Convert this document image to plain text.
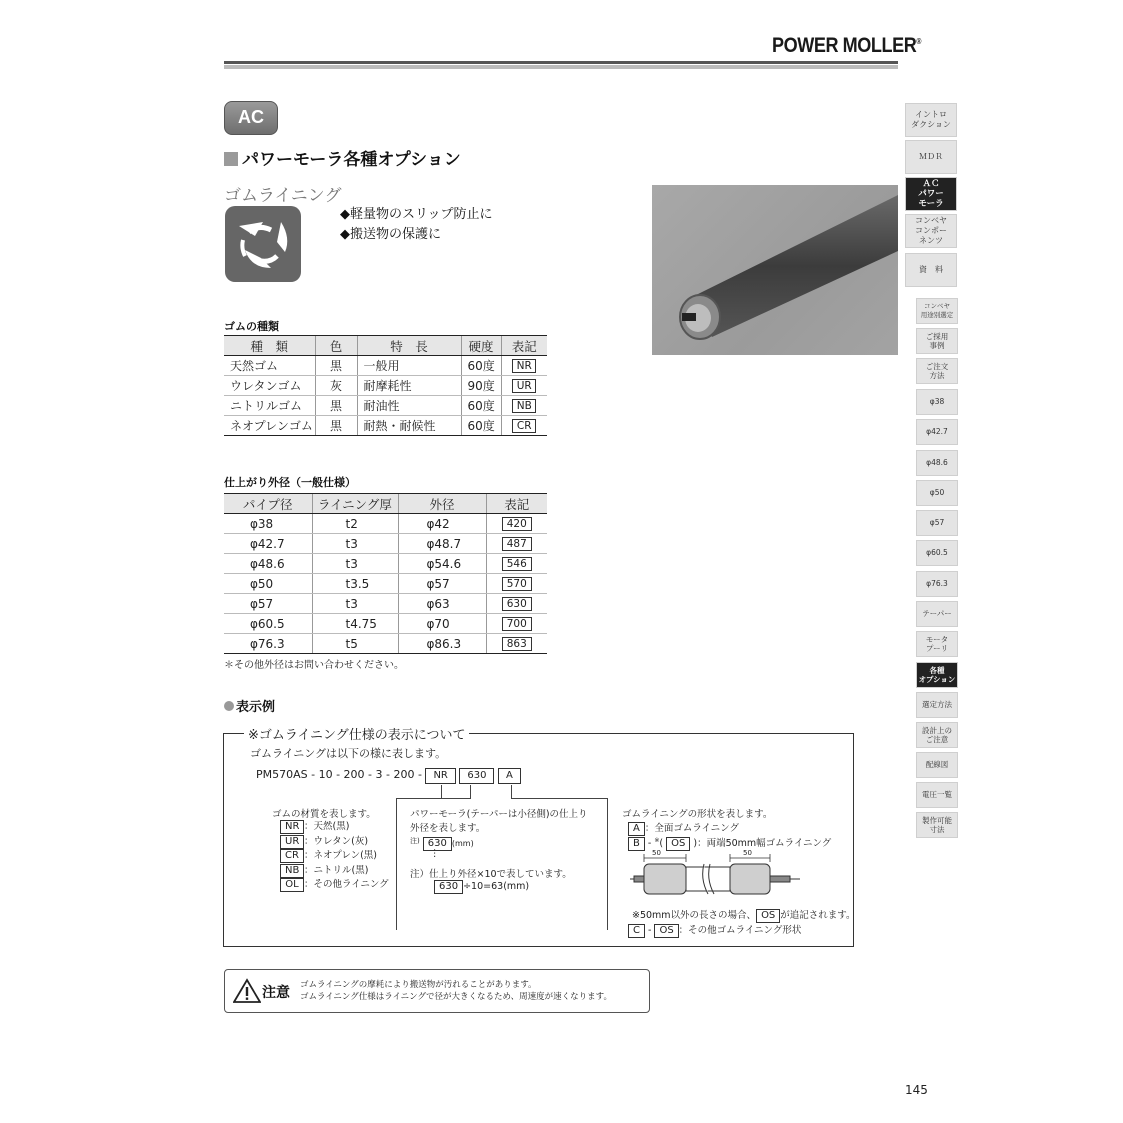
POWER MOLLER®
AC
パワーモーラ各種オプション
ゴムライニング
◆軽量物のスリップ防止に
◆搬送物の保護に
ゴムの種類
種　類	色	特　長	硬度	表記
天然ゴム	黒	一般用	60度	NR
ウレタンゴム	灰	耐摩耗性	90度	UR
ニトリルゴム	黒	耐油性	60度	NB
ネオプレンゴム	黒	耐熱・耐候性	60度	CR
仕上がり外径（一般仕様）
パイプ径	ライニング厚	外径	表記
φ38	t2	φ42	420
φ42.7	t3	φ48.7	487
φ48.6	t3	φ54.6	546
φ50	t3.5	φ57	570
φ57	t3	φ63	630
φ60.5	t4.75	φ70	700
φ76.3	t5	φ86.3	863
＊その他外径はお問い合わせください。
表示例
※ゴムライニング仕様の表示について
ゴムライニングは以下の様に表します。
PM570AS - 10 - 200 - 3 - 200 - NR 630 A
ゴムの材質を表します。
NR ：天然(黒)
UR ：ウレタン(灰)
CR ：ネオプレン(黒)
NB ：ニトリル(黒)
OL ：その他ライニング
パワーモーラ(テーパーは小径側)の仕上り
外径を表します。
$^{注)}$ 630 (mm)
⋮
注）仕上り外径×10で表しています。
630 ÷10=63(mm)
ゴムライニングの形状を表します。
A ：全面ゴムライニング
B - ※( OS )：両端50mm幅ゴムライニング
50	50
※50mm以外の長さの場合、 OS が追記されます。
C - OS ：その他ゴムライニング形状
注意 ゴムライニングの摩耗により搬送物が汚れることがあります。
ゴムライニング仕様はライニングで径が大きくなるため、周速度が速くなります。
イントロ
ダクション
ＭＤＲ
ＡＣ
パワー
モーラ
コンベヤ
コンポー
ネンツ
資　料
コンベヤ
用途別選定
ご採用
事例
ご注文
方法
φ38
φ42.7
φ48.6
φ50
φ57
φ60.5
φ76.3
テーパー
モータ
プーリ
各種
オプション
選定方法
設計上の
ご注意
配線図
電圧一覧
製作可能
寸法
145
